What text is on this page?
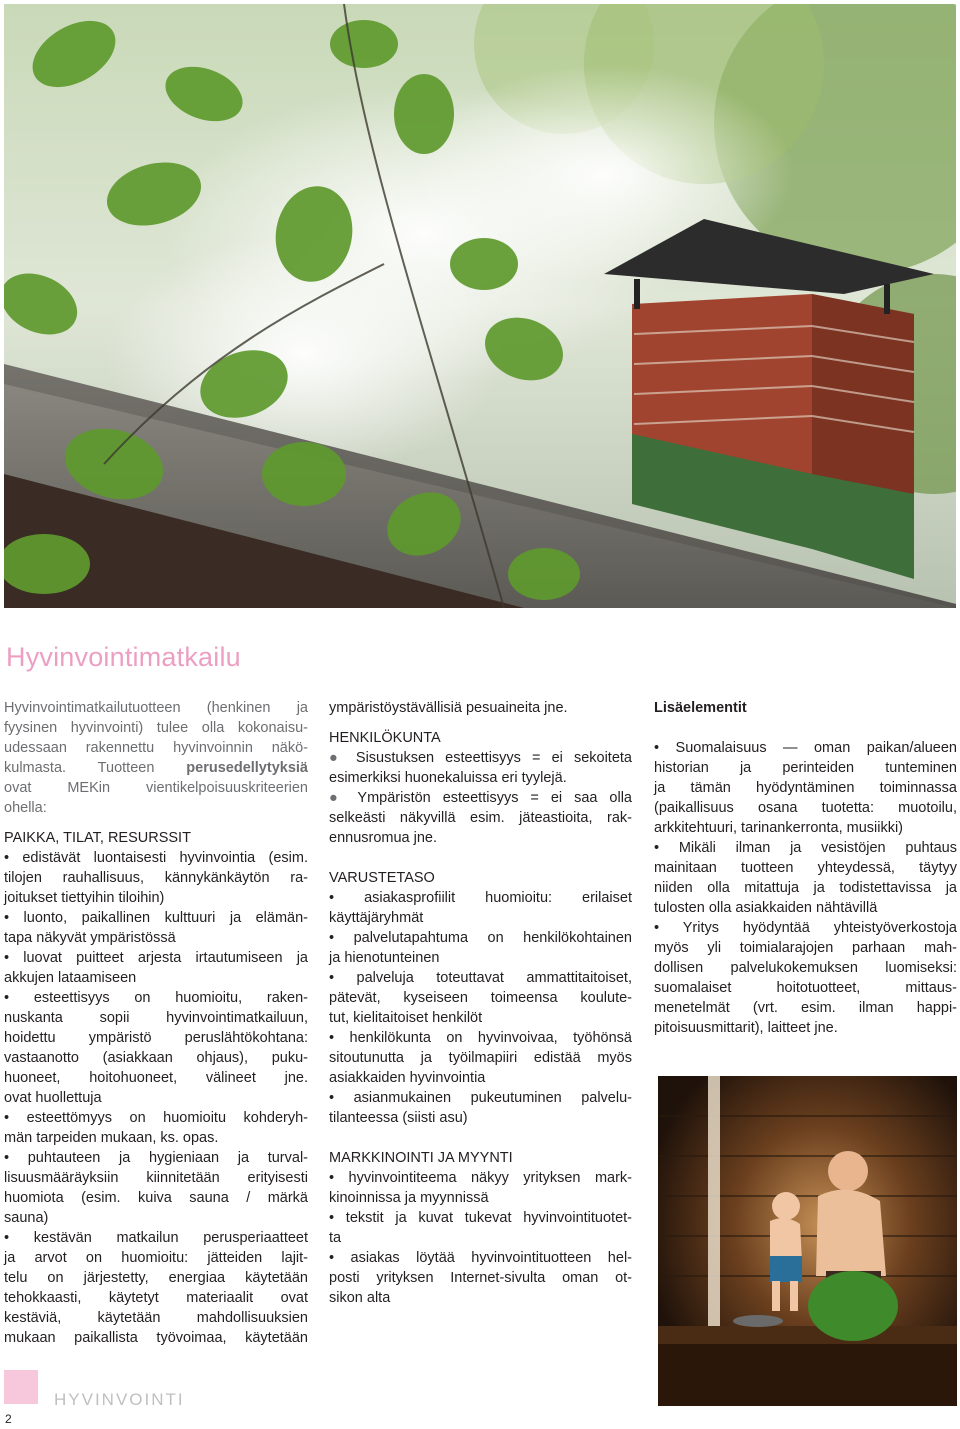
Hyvinvointimatkailu
Hyvinvointimatkailutuotteen (henkinen ja
fyysinen hyvinvointi) tulee olla kokonaisu-
udessaan rakennettu hyvinvoinnin näkö-
kulmasta. Tuotteen perusedellytyksiä
ovat MEKin vientikelpoisuuskriteerien
ohella:
PAIKKA, TILAT, RESURSSIT
• edistävät luontaisesti hyvinvointia (esim.
tilojen rauhallisuus, kännykänkäytön ra-
joitukset tiettyihin tiloihin)
• luonto, paikallinen kulttuuri ja elämän-
tapa näkyvät ympäristössä
• luovat puitteet arjesta irtautumiseen ja
akkujen lataamiseen
• esteettisyys on huomioitu, raken-
nuskanta sopii hyvinvointimatkailuun,
hoidettu ympäristö peruslähtökohtana:
vastaanotto (asiakkaan ohjaus), puku-
huoneet, hoitohuoneet, välineet jne.
ovat huollettuja
• esteettömyys on huomioitu kohderyh-
män tarpeiden mukaan, ks. opas.
• puhtauteen ja hygieniaan ja turval-
lisuusmääräyksiin kiinnitetään erityisesti
huomiota (esim. kuiva sauna / märkä
sauna)
• kestävän matkailun perusperiaatteet
ja arvot on huomioitu: jätteiden lajit-
telu on järjestetty, energiaa käytetään
tehokkaasti, käytetyt materiaalit ovat
kestäviä, käytetään mahdollisuuksien
mukaan paikallista työvoimaa, käytetään
ympäristöystävällisiä pesuaineita jne.
HENKILÖKUNTA
● Sisustuksen esteettisyys = ei sekoiteta
esimerkiksi huonekaluissa eri tyylejä.
● Ympäristön esteettisyys = ei saa olla
selkeästi näkyvillä esim. jäteastioita, rak-
ennusromua jne.
VARUSTETASO
• asiakasprofiilit huomioitu: erilaiset
käyttäjäryhmät
• palvelutapahtuma on henkilökohtainen
ja hienotunteinen
• palveluja toteuttavat ammattitaitoiset,
pätevät, kyseiseen toimeensa koulute-
tut, kielitaitoiset henkilöt
• henkilökunta on hyvinvoivaa, työhönsä
sitoutunutta ja työilmapiiri edistää myös
asiakkaiden hyvinvointia
• asianmukainen pukeutuminen palvelu-
tilanteessa (siisti asu)
MARKKINOINTI JA MYYNTI
• hyvinvointiteema näkyy yrityksen mark-
kinoinnissa ja myynnissä
• tekstit ja kuvat tukevat hyvinvointituotet-
ta
• asiakas löytää hyvinvointituotteen hel-
posti yrityksen Internet-sivulta oman ot-
sikon alta
Lisäelementit
• Suomalaisuus — oman paikan/alueen
historian ja perinteiden tunteminen
ja tämän hyödyntäminen toiminnassa
(paikallisuus osana tuotetta: muotoilu,
arkkitehtuuri, tarinankerronta, musiikki)
• Mikäli ilman ja vesistöjen puhtaus
mainitaan tuotteen yhteydessä, täytyy
niiden olla mitattuja ja todistettavissa ja
tulosten olla asiakkaiden nähtävillä
• Yritys hyödyntää yhteistyöverkostoja
myös yli toimialarajojen parhaan mah-
dollisen palvelukokemuksen luomiseksi:
suomalaiset hoitotuotteet, mittaus-
menetelmät (vrt. esim. ilman happi-
pitoisuusmittarit), laitteet jne.
HYVINVOINTI
2
